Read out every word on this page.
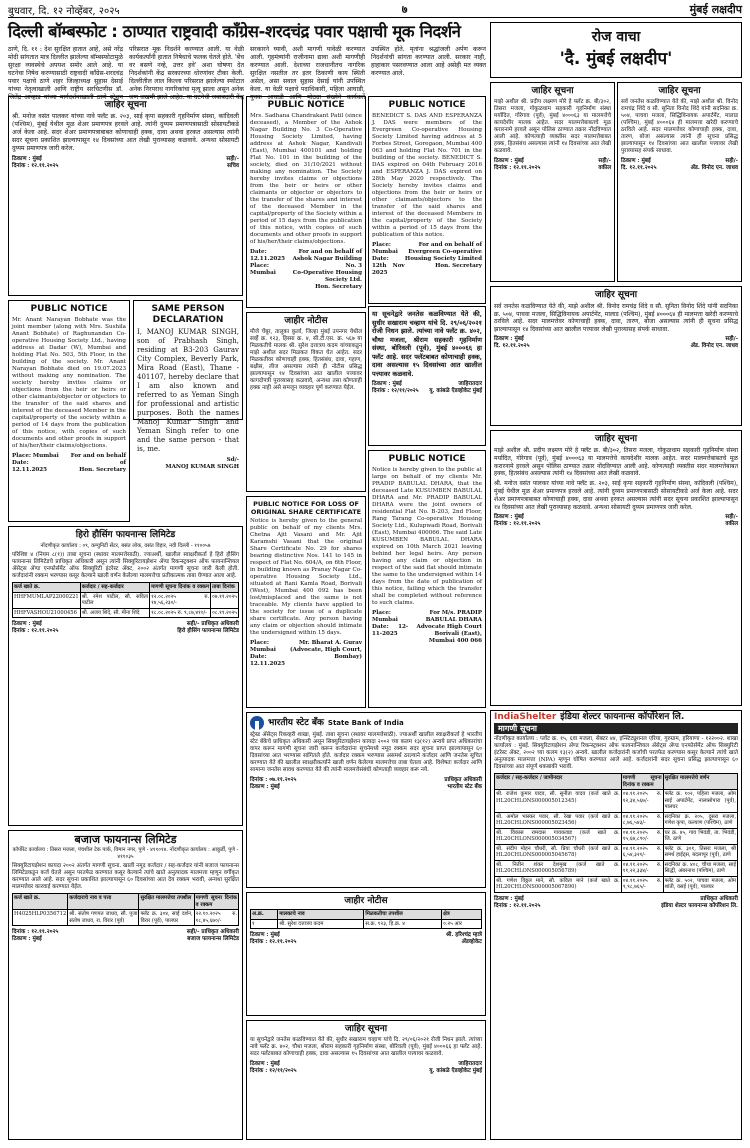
बुधवार, दि. १२ नोव्हेंबर, २०२५	७	मुंबई लक्षदीप
दिल्ली बॉम्बस्फोट : ठाण्यात राष्ट्रवादी कॉंग्रेस-शरदचंद्र पवार पक्षाची मूक निदर्शने
ठाणे, दि. ११ : देश सुरक्षित हातात आहे, असे नरेंद्र मोदी सांगतात मात्र दिल्लीत झालेल्या बॉम्बस्फोटामुळे सुरक्षा व्यवस्थेचे अपयश समोर आले आहे. या घटनेचा निषेध करण्यासाठी राष्ट्रवादी कॉंग्रेस-शरदचंद्र पवार पक्षाचे ठाणे शहर जिल्हाध्यक्ष सुहास देसाई यांच्या नेतृत्वाखाली आणि राष्ट्रीय सरचिटणीस डॉ. जितेंद्र आव्हाड यांच्या मार्गदर्शनाखाली ठाणे स्टेशन परिसरात मूक निदर्शने करण्यात आली. या वेळी कार्यकर्त्यांनी हातात निषेधाचे फलक घेतले होते. 'बेंच वर बसणे नव्हे, उत्तर हवे' अशा घोषणा देत निदर्शकांनी केंद्र सरकारच्या धोरणांवर टीका केली. दिल्लीतील लाल किल्ला परिसरात झालेल्या स्फोटात अनेक निरपराध नागरिकांचा मृत्यू झाला असून अनेक जण जखमी झाले आहेत. या घटनेची जबाबदारी केंद्र सरकारने घ्यावी, अशी मागणी यावेळी करण्यात आली. गृहमंत्र्यांनी राजीनामा द्यावा अशी मागणीही करण्यात आली. देशाच्या राजधानीतच नागरिक सुरक्षित नसतील तर इतर ठिकाणी काय स्थिती असेल, असा सवाल सुहास देसाई यांनी उपस्थित केला. या वेळी पक्षाचे पदाधिकारी, महिला आघाडी, युवक आघाडी आणि मोठ्या संख्येने कार्यकर्ते उपस्थित होते. मृतांना श्रद्धांजली अर्पण करून निदर्शनांची सांगता करण्यात आली. सरकार नाही, हाहाकार पसरवण्यात आला आहे असेही मत व्यक्त करण्यात आले.
PUBLIC NOTICE
Mr. Anant Narayan Bobhate was the joint member (along with Mrs. Sushila Anant Bobhate) of Raghunandan Co-operative Housing Society Ltd., having address at Dadar (W), Mumbai and holding Flat No. 503, 5th Floor, in the building of the society. Mr. Anant Narayan Bobhate died on 19.07.2023 without making any nomination. The society hereby invites claims or objections from the heir or heirs or other claimants/objector or objectors to the transfer of the said shares and interest of the deceased Member in the capital/property of the society within a period of 14 days from the publication of this notice, with copies of such documents and other proofs in support of his/her/their claims/objections.
Place: Mumbai
Date: 12.11.2025
For and on behalf of
Hon. Secretary
SAME PERSON DECLARATION
I, MANOJ KUMAR SINGH, son of Prabhash Singh, residing at B3-203 Gaurav City Complex, Beverly Park, Mira Road (East), Thane - 401107, hereby declare that I am also known and referred to as Yeman Singh for professional and artistic purposes. Both the names Manoj Kumar Singh and Yeman Singh refer to one and the same person - that is, me.
Sd/-
MANOJ KUMAR SINGH
PUBLIC NOTICE
Mrs. Sadhana Chandrakant Patil (since deceased), a Member of the Ashok Nagar Building No. 3 Co-Operative Housing Society Limited, having address at Ashok Nagar, Kandivali (East), Mumbai 400101 and holding Flat No. 101 in the building of the society, died on 31/10/2021 without making any nomination. The Society hereby invites claims or objections from the heir or heirs or other claimants or objector or objectors to the transfer of the shares and interest of the deceased Member in the capital/property of the Society within a period of 15 days from the publication of this notice, with copies of such documents and other proofs in support of his/her/their claims/objections.
Date: 12.11.2025
Place: Mumbai
For and on behalf of
Ashok Nagar Building No. 3
Co-Operative Housing Society Ltd.
Hon. Secretary
PUBLIC NOTICE
BENEDICT S. DAS AND ESPERANZA J. DAS were members of the Evergreen Co-operative Housing Society Limited having address at 5 Forbes Street, Goregaon, Mumbai 400 063 and holding Flat No. 701 in the building of the society. BENEDICT S. DAS expired on 04th February 2016 and ESPERANZA J. DAS expired on 28th May 2020 respectively. The Society hereby invites claims and objections from the heir or heirs or other claimants/objectors to the transfer of the said shares and interest of the deceased Members in the capital/property of the Society within a period of 15 days from the publication of this notice.
Place: Mumbai
Date: 12th Nov 2025
For and on behalf of
Evergreen Co-operative Housing Society Limited
Hon. Secretary
जाहिर सूचना
श्री. मनोज वसंत पालकर यांच्या नावे फ्लॅट क्र. २०३, साई कृपा सहकारी गृहनिर्माण संस्था, कांदिवली (पश्चिम), मुंबई येथील मूळ शेअर प्रमाणपत्र हरवले आहे. त्यांनी दुय्यम प्रमाणपत्रासाठी सोसायटीकडे अर्ज केला आहे. सदर शेअर प्रमाणपत्राबाबत कोणाचाही हक्क, दावा अथवा हरकत असल्यास त्यांनी सदर सूचना प्रकाशित झाल्यापासून १४ दिवसांच्या आत लेखी पुराव्यासह कळवावे. अन्यथा सोसायटी दुय्यम प्रमाणपत्र जारी करेल.
ठिकाण : मुंबई
दिनांक : १२.११.२०२५
सही/-
सचिव
या सूचनेद्वारे जनतेस कळविण्यात येते की, सुधीर सखाराम चव्हाण यांचे दि. २९/०६/२०२१ रोजी निधन झाले. त्यांच्या नावे फ्लॅट क्र. ४०२, चौथा मजला, श्रीराम सहकारी गृहनिर्माण संस्था, बोरिवली (पूर्व), मुंबई ४०००६६ हा फ्लॅट आहे. सदर फ्लॅटबाबत कोणाचाही हक्क, दावा असल्यास १५ दिवसांच्या आत खालील पत्त्यावर कळवावे.
ठिकाण : मुंबई
दिनांक : १२/११/२०२५
जाहिरातदार
यू. कांबळे ऍडव्होकेट मुंबई
रोज वाचा
'दै. मुंबई लक्षदीप'
जाहिर सूचना
माझे अशील श्री. प्रदीप लक्ष्मण मोरे हे फ्लॅट क्र. बी/३०२, तिसरा मजला, गोकुळधाम सहकारी गृहनिर्माण संस्था मर्यादित, गोरेगाव (पूर्व), मुंबई ४०००६३ या मालमत्तेचे कायदेशीर मालक आहेत. सदर मालमत्तेबाबतचे मूळ करारनामे हरवले असून पोलिस ठाण्यात तक्रार नोंदविण्यात आली आहे. कोणत्याही व्यक्तीस सदर मालमत्तेबाबत हक्क, हितसंबंध असल्यास त्यांनी १४ दिवसांच्या आत लेखी कळवावे.
ठिकाण : मुंबई
दिनांक : १२.११.२०२५
सही/-
वकील
जाहिर सूचना
सर्व जनतेस कळविण्यात येते की, माझे अशील श्री. विनोद रामचंद्र शिंदे व सौ. सुनिता विनोद शिंदे यांनी सदनिका क्र. ५०४, पाचवा मजला, सिद्धिविनायक अपार्टमेंट, मालाड (पश्चिम), मुंबई ४०००६४ ही मालमत्ता खरेदी करण्याचे ठरविले आहे. सदर मालमत्तेवर कोणाचाही हक्क, दावा, तारण, बोजा असल्यास त्यांनी ही सूचना प्रसिद्ध झाल्यापासून १४ दिवसांच्या आत खालील पत्त्यावर लेखी पुराव्यासह संपर्क साधावा.
ठिकाण : मुंबई
दि. १२.११.२०२५
सही/-
ॲड. विनोद एन. जाधव
जाहिर सूचना
सर्व जनतेस कळविण्यात येते की, माझे अशील श्री. विनोद रामचंद्र शिंदे व सौ. सुनिता विनोद शिंदे यांनी सदनिका क्र. ५०४, पाचवा मजला, सिद्धिविनायक अपार्टमेंट, मालाड (पश्चिम), मुंबई ४०००६४ ही मालमत्ता खरेदी करण्याचे ठरविले आहे. सदर मालमत्तेवर कोणाचाही हक्क, दावा, तारण, बोजा असल्यास त्यांनी ही सूचना प्रसिद्ध झाल्यापासून १४ दिवसांच्या आत खालील पत्त्यावर लेखी पुराव्यासह संपर्क साधावा.
ठिकाण : मुंबई
दि. १२.११.२०२५
सही/-
ॲड. विनोद एन. जाधव
PUBLIC NOTICE
Notice is hereby given to the public at large on behalf of my clients Mr. PRADIP BABULAL DHARA, that the deceased Late KUSUMBEN BABULAL DHARA and Mr. PRADIP BABULAL DHARA were the joint owners of residential Flat No. B-203, 2nd Floor, Rang Tarang Co-operative Housing Society Ltd., Kulupwadi Road, Borivali (East), Mumbai 400066. The said Late KUSUMBEN BABULAL DHARA expired on 10th March 2021 leaving behind her legal heirs. Any person having any claim or objection in respect of the said flat should intimate the same to the undersigned within 14 days from the date of publication of this notice, failing which the transfer shall be completed without reference to such claims.
Place: Mumbai
Date: 12-11-2025
For M/s. PRADIP BABULAL DHARA
Advocate High Court
Borivali (East), Mumbai 400 066
जाहीर नोटीस
मौजे चेंबूर, तालुका कुर्ला, जिल्हा मुंबई उपनगर येथील सर्व्हे क्र. १२३, हिस्सा क्र. ४, सी.टी.एस. क्र. ५६७ या मिळकतीचे मालक श्री. सुरेश दत्तात्रय कदम यांच्याकडून माझे अशील सदर मिळकत विकत घेत आहेत. सदर मिळकतीवर कोणाचाही हक्क, हितसंबंध, दावा, गहाण, बक्षीस, लीज असल्यास त्यांनी ही नोटीस प्रसिद्ध झाल्यापासून १४ दिवसांच्या आत खालील पत्त्यावर कागदोपत्री पुराव्यासह कळवावे, अन्यथा तसा कोणताही हक्क नाही असे समजून व्यवहार पूर्ण करण्यात येईल.
PUBLIC NOTICE FOR LOSS OF ORIGINAL SHARE CERTIFICATE
Notice is hereby given to the general public on behalf of my clients Mrs. Chetna Ajit Vasani and Mr. Ajit Karamshi Vasani that the original Share Certificate No. 29 for shares bearing distinctive Nos. 141 to 145 in respect of Flat No. 604/A, on 6th Floor, in building known as Pranay Nagar Co-operative Housing Society Ltd., situated at Rani Kamla Road, Borivali (West), Mumbai 400 092 has been lost/misplaced and the same is not traceable. My clients have applied to the society for issue of a duplicate share certificate. Any person having any claim or objection should intimate the undersigned within 15 days.
Place: Mumbai
Date: 12.11.2025
Mr. Bharat A. Gurav
(Advocate, High Court, Bombay)
हिरो हौसिंग फायनान्स लिमिटेड
नोंदणीकृत कार्यालय : ०९, कम्युनिटी सेंटर, बसंत लोक, वसंत विहार, नवी दिल्ली - ११००५७
परिशिष्ट ४ (नियम ८(१)) ताबा सूचना (स्थावर मालमत्तेसाठी). ज्याअर्थी, खालील स्वाक्षरीकर्ता हे हिरो हौसिंग फायनान्स लिमिटेडचे प्राधिकृत अधिकारी असून त्यांनी सिक्युरिटायझेशन ॲण्ड रिकन्स्ट्रक्शन ऑफ फायनान्शियल ॲसेट्स ॲण्ड एनफोर्समेंट ऑफ सिक्युरिटी इंटरेस्ट ॲक्ट, २००२ अंतर्गत मागणी सूचना जारी केली होती. कर्जदारांनी रक्कम भरण्यास कसूर केल्याने खाली वर्णन केलेल्या मालमत्तेचा प्रतीकात्मक ताबा घेण्यात आला आहे.
कर्ज खाते क्र.	कर्जदार / सह-कर्जदार	मागणी सूचना दिनांक व रक्कम	ताबा दिनांक
HHFMUMLAP22000221	श्री. रमेश पाटील, सौ. सविता पाटील	१२.०८.२०२५ रु. १४,५६,२३०/-	०७.११.२०२५
HHFVASHOU21000456	श्री. अजय शिंदे, सौ. मीना शिंदे	१८.०८.२०२५ रु. ९,८७,४१०/-	०८.११.२०२५
ठिकाण : मुंबई
दिनांक : १२.११.२०२५
सही/- प्राधिकृत अधिकारी
हिरो हौसिंग फायनान्स लिमिटेड
भारतीय स्टेट बँक State Bank of India
स्ट्रेस्ड ॲसेट्स रिकव्हरी शाखा, मुंबई. ताबा सूचना (स्थावर मालमत्तेसाठी). ज्याअर्थी खालील स्वाक्षरीकर्ता हे भारतीय स्टेट बँकेचे प्राधिकृत अधिकारी असून सिक्युरिटायझेशन कायदा २००२ च्या कलम १३(१२) अन्वये प्राप्त अधिकारांचा वापर करून मागणी सूचना जारी करून कर्जदारांना सूचनेमध्ये नमूद रक्कम सदर सूचना प्राप्त झाल्यापासून ६० दिवसांच्या आत भरण्यास सांगितले होते. कर्जदार रक्कम भरण्यास असमर्थ ठरल्याने कर्जदार आणि जनतेस सूचित करण्यात येते की खालील स्वाक्षरीकर्त्याने खाली वर्णन केलेल्या मालमत्तेचा ताबा घेतला आहे. विशेषतः कर्जदार आणि सामान्य जनतेस सावध करण्यात येते की त्यांनी मालमत्तेसंबंधी कोणताही व्यवहार करू नये.
दिनांक : ०७.११.२०२५
ठिकाण : मुंबई
प्राधिकृत अधिकारी
भारतीय स्टेट बँक
जाहीर नोटीस
अ.क्र.	मालकाचे नाव	मिळकतीचा तपशील	क्षेत्र
१	श्री. सुरेश दत्तात्रय कदम	स.क्र. १२३, हि.क्र. ४	०.२५ आर
ठिकाण : मुंबई
दिनांक : १२.११.२०२५
श्री. हरिश्चंद्र म्हात्रे
ॲडव्होकेट
बजाज फायनान्स लिमिटेड
कॉर्पोरेट कार्यालय : तिसरा मजला, पंचशील टेक पार्क, विमान नगर, पुणे - ४११०१४. नोंदणीकृत कार्यालय : आकुर्डी, पुणे - ४११०३५
सिक्युरिटायझेशन कायदा २००२ अंतर्गत मागणी सूचना. खाली नमूद कर्जदार / सह-कर्जदार यांनी बजाज फायनान्स लिमिटेडकडून कर्ज घेतले असून परतफेड करण्यात कसूर केल्याने त्यांचे खाते अनुत्पादक मालमत्ता म्हणून वर्गीकृत करण्यात आले आहे. सदर सूचना प्रकाशित झाल्यापासून ६० दिवसांच्या आत देय रक्कम भरावी, अन्यथा सुरक्षित मालमत्तेवर कारवाई करण्यात येईल.
कर्ज खाते क्र.	कर्जदाराचे नाव व पत्ता	सुरक्षित मालमत्तेचा तपशील	मागणी सूचना दिनांक व रक्कम
H4025HLP0356712	श्री. संतोष गणपत जाधव, सौ. पूजा संतोष जाधव, रा. विरार (पूर्व)	फ्लॅट क्र. ३०४, साई दर्शन, विरार (पूर्व), पालघर	२२.१०.२०२५ रु. १८,४५,६७०/-
दिनांक : १२.११.२०२५
ठिकाण : मुंबई
सही/- प्राधिकृत अधिकारी
बजाज फायनान्स लिमिटेड
IndiaShelter इंडिया शेल्टर फायनान्स कॉर्पोरेशन लि.
मागणी सूचना
नोंदणीकृत कार्यालय : प्लॉट क्र. १५, ६वा मजला, सेक्टर ४४, इन्स्टिट्यूशनल एरिया, गुरुग्राम, हरियाणा - १२२००२. शाखा कार्यालय : मुंबई. सिक्युरिटायझेशन ॲण्ड रिकन्स्ट्रक्शन ऑफ फायनान्शियल ॲसेट्स ॲण्ड एनफोर्समेंट ऑफ सिक्युरिटी इंटरेस्ट ॲक्ट, २००२ च्या कलम १३(२) अन्वये. खालील कर्जदारांनी कर्जाची परतफेड करण्यास कसूर केल्याने त्यांचे खाते अनुत्पादक मालमत्ता (NPA) म्हणून घोषित करण्यात आले आहे. कर्जदारांनी सदर सूचना प्रसिद्ध झाल्यापासून ६० दिवसांच्या आत संपूर्ण थकबाकी भरावी.
कर्जदार / सह-कर्जदार / जामीनदार	मागणी सूचना दिनांक व रक्कम	सुरक्षित मालमत्तेचे वर्णन
श्री. राजेश कुमार यादव, सौ. सुनीता यादव (कर्ज खाते क्र. HL20CHLONS000005012345)	०४.११.२०२५ रु. १२,३४,५६७/-	फ्लॅट क्र. १०२, पहिला मजला, ओम साई अपार्टमेंट, नालासोपारा (पूर्व), पालघर
श्री. अमोल भास्कर पवार, सौ. रेखा पवार (कर्ज खाते क्र. HL20CHLONS000005023456)	०४.११.२०२५ रु. ८,७६,५४३/-	सदनिका क्र. २०५, दुसरा मजला, गणेश कृपा, कल्याण (पश्चिम), ठाणे
श्री. विकास रामदास गायकवाड (कर्ज खाते क्र. HL20CHLONS000005034567)	०४.११.२०२५ रु. १५,६७,८९०/-	घर क्र. ४५, गाव भिवंडी, ता. भिवंडी, जि. ठाणे
श्री. संदीप मोहन चौधरी, सौ. प्रिया चौधरी (कर्ज खाते क्र. HL20CHLONS000005045678)	०४.११.२०२५ रु. ६,५४,३२१/-	फ्लॅट क्र. ३०१, तिसरा मजला, श्री समर्थ हाईट्स, बदलापूर (पूर्व), ठाणे
श्री. नितीन शंकर देशमुख (कर्ज खाते क्र. HL20CHLONS000005056789)	०४.११.२०२५ रु. ११,२२,३३४/-	सदनिका क्र. ४०८, चौथा मजला, साई सिद्धी, अंबरनाथ (पश्चिम), ठाणे
श्री. गणेश विठ्ठल माने, सौ. कविता माने (कर्ज खाते क्र. HL20CHLONS000005067890)	०४.११.२०२५ रु. ९,९८,७६५/-	फ्लॅट क्र. ५०२, पाचवा मजला, ओम शांती, वसई (पूर्व), पालघर
ठिकाण : मुंबई
दिनांक : १२.११.२०२५
प्राधिकृत अधिकारी
इंडिया शेल्टर फायनान्स कॉर्पोरेशन लि.
जाहिर सूचना
माझे अशील श्री. प्रदीप लक्ष्मण मोरे हे फ्लॅट क्र. बी/३०२, तिसरा मजला, गोकुळधाम सहकारी गृहनिर्माण संस्था मर्यादित, गोरेगाव (पूर्व), मुंबई ४०००६३ या मालमत्तेचे कायदेशीर मालक आहेत. सदर मालमत्तेबाबतचे मूळ करारनामे हरवले असून पोलिस ठाण्यात तक्रार नोंदविण्यात आली आहे. कोणत्याही व्यक्तीस सदर मालमत्तेबाबत हक्क, हितसंबंध असल्यास त्यांनी १४ दिवसांच्या आत लेखी कळवावे.
श्री. मनोज वसंत पालकर यांच्या नावे फ्लॅट क्र. २०३, साई कृपा सहकारी गृहनिर्माण संस्था, कांदिवली (पश्चिम), मुंबई येथील मूळ शेअर प्रमाणपत्र हरवले आहे. त्यांनी दुय्यम प्रमाणपत्रासाठी सोसायटीकडे अर्ज केला आहे. सदर शेअर प्रमाणपत्राबाबत कोणाचाही हक्क, दावा अथवा हरकत असल्यास त्यांनी सदर सूचना प्रकाशित झाल्यापासून १४ दिवसांच्या आत लेखी पुराव्यासह कळवावे. अन्यथा सोसायटी दुय्यम प्रमाणपत्र जारी करेल.
ठिकाण : मुंबई
दिनांक : १२.११.२०२५
सही/-
वकील
जाहिर सूचना
या सूचनेद्वारे जनतेस कळविण्यात येते की, सुधीर सखाराम चव्हाण यांचे दि. २९/०६/२०२१ रोजी निधन झाले. त्यांच्या नावे फ्लॅट क्र. ४०२, चौथा मजला, श्रीराम सहकारी गृहनिर्माण संस्था, बोरिवली (पूर्व), मुंबई ४०००६६ हा फ्लॅट आहे. सदर फ्लॅटबाबत कोणाचाही हक्क, दावा असल्यास १५ दिवसांच्या आत खालील पत्त्यावर कळवावे.
ठिकाण : मुंबई
दिनांक : १२/११/२०२५
जाहिरातदार
यू. कांबळे ऍडव्होकेट मुंबई
